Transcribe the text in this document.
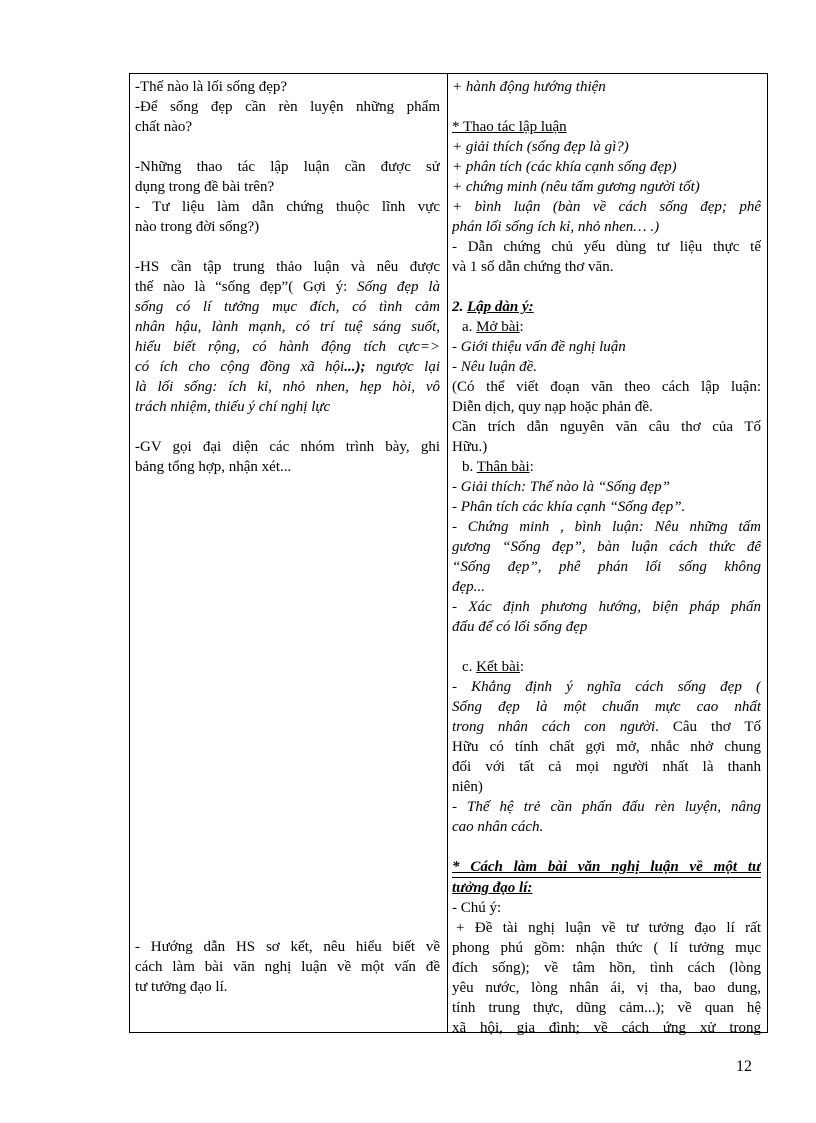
-Thế nào là lối sống đẹp?
-Để sống đẹp cần rèn luyện những phẩm
chất nào?
-Những thao tác lập luận cần được sử
dụng trong đề bài trên?
- Tư liệu làm dẫn chứng thuộc lĩnh vực
nào trong đời sống?)
-HS cần tập trung thảo luận và nêu được
thế nào là “sống đẹp”( Gợi ý: Sống đẹp là
sống có lí tưởng mục đích, có tình cảm
nhân hậu, lành mạnh, có trí tuệ sáng suốt,
hiểu biết rộng, có hành động tích cực=>
có ích cho cộng đồng xã hội...); ngược lại
là lối sống: ích kỉ, nhỏ nhen, hẹp hòi, vô
trách nhiệm, thiếu ý chí nghị lực
-GV gọi đại diện các nhóm trình bày, ghi
bảng tổng hợp, nhận xét...
- Hướng dẫn HS sơ kết, nêu hiểu biết về
cách làm bài văn nghị luận về một vấn đề
tư tưởng đạo lí.
+ hành động hướng thiện
* Thao tác lập luận
+ giải thích (sống đẹp là gì?)
+ phân tích (các khía cạnh sống đẹp)
+ chứng minh (nêu tấm gương người tốt)
+ bình luận (bàn về cách sống đẹp; phê
phán lối sống ích kỉ, nhỏ nhen… .)
- Dẫn chứng chủ yếu dùng tư liệu thực tế
và 1 số dẫn chứng thơ văn.
2. Lập dàn ý:
a. Mở bài:
- Giới thiệu vấn đề nghị luận
- Nêu luận đề.
(Có thể viết đoạn văn theo cách lập luận:
Diễn dịch, quy nạp hoặc phản đề.
Cần trích dẫn nguyên văn câu thơ của Tố
Hữu.)
b. Thân bài:
- Giải thích: Thế nào là “Sống đẹp”
- Phân tích các khía cạnh “Sống đẹp”.
- Chứng minh , bình luận: Nêu những tấm
gương “Sống đẹp”, bàn luận cách thức để
“Sống đẹp”, phê phán lối sống không
đẹp...
- Xác định phương hướng, biện pháp phấn
đấu để có lối sống đẹp
c. Kết bài:
- Khẳng định ý nghĩa cách sống đẹp (
Sống đẹp là một chuẩn mực cao nhất
trong nhân cách con người. Câu thơ Tố
Hữu có tính chất gợi mở, nhắc nhở chung
đối với tất cả mọi người nhất là thanh
niên)
- Thế hệ trẻ cần phấn đấu rèn luyện, nâng
cao nhân cách.
* Cách làm bài văn nghị luận về một tư
tưởng đạo lí:
- Chú ý:
+ Đề tài nghị luận về tư tưởng đạo lí rất
phong phú gồm: nhận thức ( lí tưởng mục
đích sống); về tâm hồn, tình cách (lòng
yêu nước, lòng nhân ái, vị tha, bao dung,
tính trung thực, dũng cảm...); về quan hệ
xã hội, gia đình; về cách ứng xử trong
12
